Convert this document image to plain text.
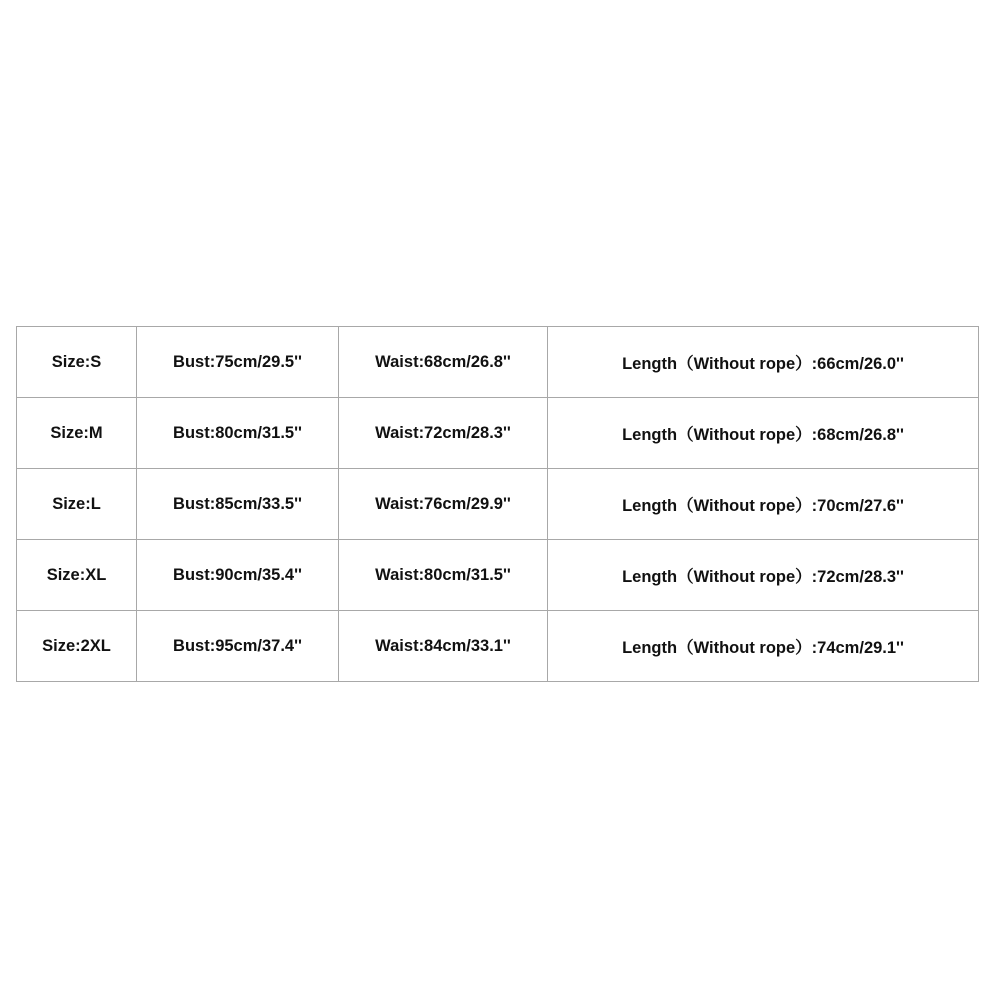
Size:S	Bust:75cm/29.5''	Waist:68cm/26.8''	Length（Without rope）:66cm/26.0''
Size:M	Bust:80cm/31.5''	Waist:72cm/28.3''	Length（Without rope）:68cm/26.8''
Size:L	Bust:85cm/33.5''	Waist:76cm/29.9''	Length（Without rope）:70cm/27.6''
Size:XL	Bust:90cm/35.4''	Waist:80cm/31.5''	Length（Without rope）:72cm/28.3''
Size:2XL	Bust:95cm/37.4''	Waist:84cm/33.1''	Length（Without rope）:74cm/29.1''
